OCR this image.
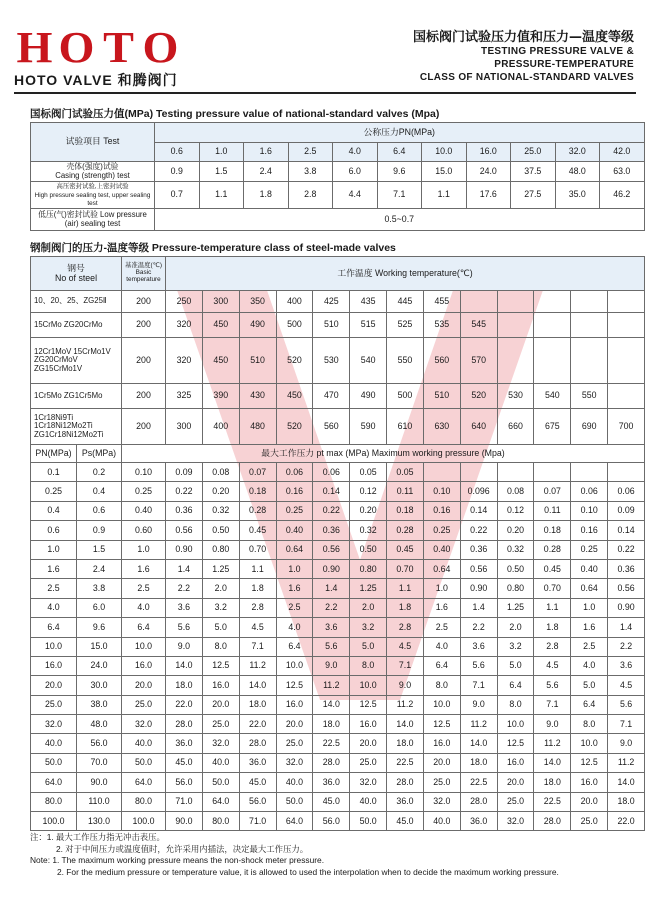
H O T O
HOTO VALVE 和腾阀门
国标阀门试验压力值和压力—温度等级
TESTING PRESSURE VALVE &
PRESSURE-TEMPERATURE
CLASS OF NATIONAL-STANDARD VALVES
国标阀门试验压力值(MPa) Testing pressure value of national-standard valves (Mpa)
试验项目 Test	公称压力PN(MPa)										
	0.6	1.0	1.6	2.5	4.0	6.4	10.0	16.0	25.0	32.0	42.0
壳体(强度)试验
Casing (strength) test	0.9	1.5	2.4	3.8	6.0	9.6	15.0	24.0	37.5	48.0	63.0
高压密封试验,上密封试验
High pressure sealing test, upper sealing test	0.7	1.1	1.8	2.8	4.4	7.1	1.1	17.6	27.5	35.0	46.2
低压(气)密封试验 Low pressure (air) sealing test	0.5~0.7										
钢制阀门的压力-温度等级 Pressure-temperature class of steel-made valves
钢号
No of steel		基准温度(℃) Basic temperature	工作温度 Working temperature(℃)												
10、20、25、ZG25Ⅱ		200	250	300	350	400	425	435	445	455					
15CrMo ZG20CrMo		200	320	450	490	500	510	515	525	535	545				
12Cr1MoV 15CrMo1V ZG20CrMoV ZG15CrMo1V		200	320	450	510	520	530	540	550	560	570				
1Cr5Mo ZG1Cr5Mo		200	325	390	430	450	470	490	500	510	520	530	540	550	
1Cr18Ni9Ti 1Cr18Ni12Mo2Ti ZG1Cr18Ni12Mo2Ti		200	300	400	480	520	560	590	610	630	640	660	675	690	700
PN(MPa)	Ps(MPa)	最大工作压力 pt max (MPa) Maximum working pressure (Mpa)													
0.1	0.2	0.10	0.09	0.08	0.07	0.06	0.06	0.05	0.05						
0.25	0.4	0.25	0.22	0.20	0.18	0.16	0.14	0.12	0.11	0.10	0.096	0.08	0.07	0.06	0.06
0.4	0.6	0.40	0.36	0.32	0.28	0.25	0.22	0.20	0.18	0.16	0.14	0.12	0.11	0.10	0.09
0.6	0.9	0.60	0.56	0.50	0.45	0.40	0.36	0.32	0.28	0.25	0.22	0.20	0.18	0.16	0.14
1.0	1.5	1.0	0.90	0.80	0.70	0.64	0.56	0.50	0.45	0.40	0.36	0.32	0.28	0.25	0.22
1.6	2.4	1.6	1.4	1.25	1.1	1.0	0.90	0.80	0.70	0.64	0.56	0.50	0.45	0.40	0.36
2.5	3.8	2.5	2.2	2.0	1.8	1.6	1.4	1.25	1.1	1.0	0.90	0.80	0.70	0.64	0.56
4.0	6.0	4.0	3.6	3.2	2.8	2.5	2.2	2.0	1.8	1.6	1.4	1.25	1.1	1.0	0.90
6.4	9.6	6.4	5.6	5.0	4.5	4.0	3.6	3.2	2.8	2.5	2.2	2.0	1.8	1.6	1.4
10.0	15.0	10.0	9.0	8.0	7.1	6.4	5.6	5.0	4.5	4.0	3.6	3.2	2.8	2.5	2.2
16.0	24.0	16.0	14.0	12.5	11.2	10.0	9.0	8.0	7.1	6.4	5.6	5.0	4.5	4.0	3.6
20.0	30.0	20.0	18.0	16.0	14.0	12.5	11.2	10.0	9.0	8.0	7.1	6.4	5.6	5.0	4.5
25.0	38.0	25.0	22.0	20.0	18.0	16.0	14.0	12.5	11.2	10.0	9.0	8.0	7.1	6.4	5.6
32.0	48.0	32.0	28.0	25.0	22.0	20.0	18.0	16.0	14.0	12.5	11.2	10.0	9.0	8.0	7.1
40.0	56.0	40.0	36.0	32.0	28.0	25.0	22.5	20.0	18.0	16.0	14.0	12.5	11.2	10.0	9.0
50.0	70.0	50.0	45.0	40.0	36.0	32.0	28.0	25.0	22.5	20.0	18.0	16.0	14.0	12.5	11.2
64.0	90.0	64.0	56.0	50.0	45.0	40.0	36.0	32.0	28.0	25.0	22.5	20.0	18.0	16.0	14.0
80.0	110.0	80.0	71.0	64.0	56.0	50.0	45.0	40.0	36.0	32.0	28.0	25.0	22.5	20.0	18.0
100.0	130.0	100.0	90.0	80.0	71.0	64.0	56.0	50.0	45.0	40.0	36.0	32.0	28.0	25.0	22.0
注：1. 最大工作压力指无冲击表压。
2. 对于中间压力或温度值时，允许采用内插法，决定最大工作压力。
Note: 1. The maximum working pressure means the non-shock meter pressure.
2. For the medium pressure or temperature value, it is allowed to used the interpolation when to decide the maximum working pressure.
